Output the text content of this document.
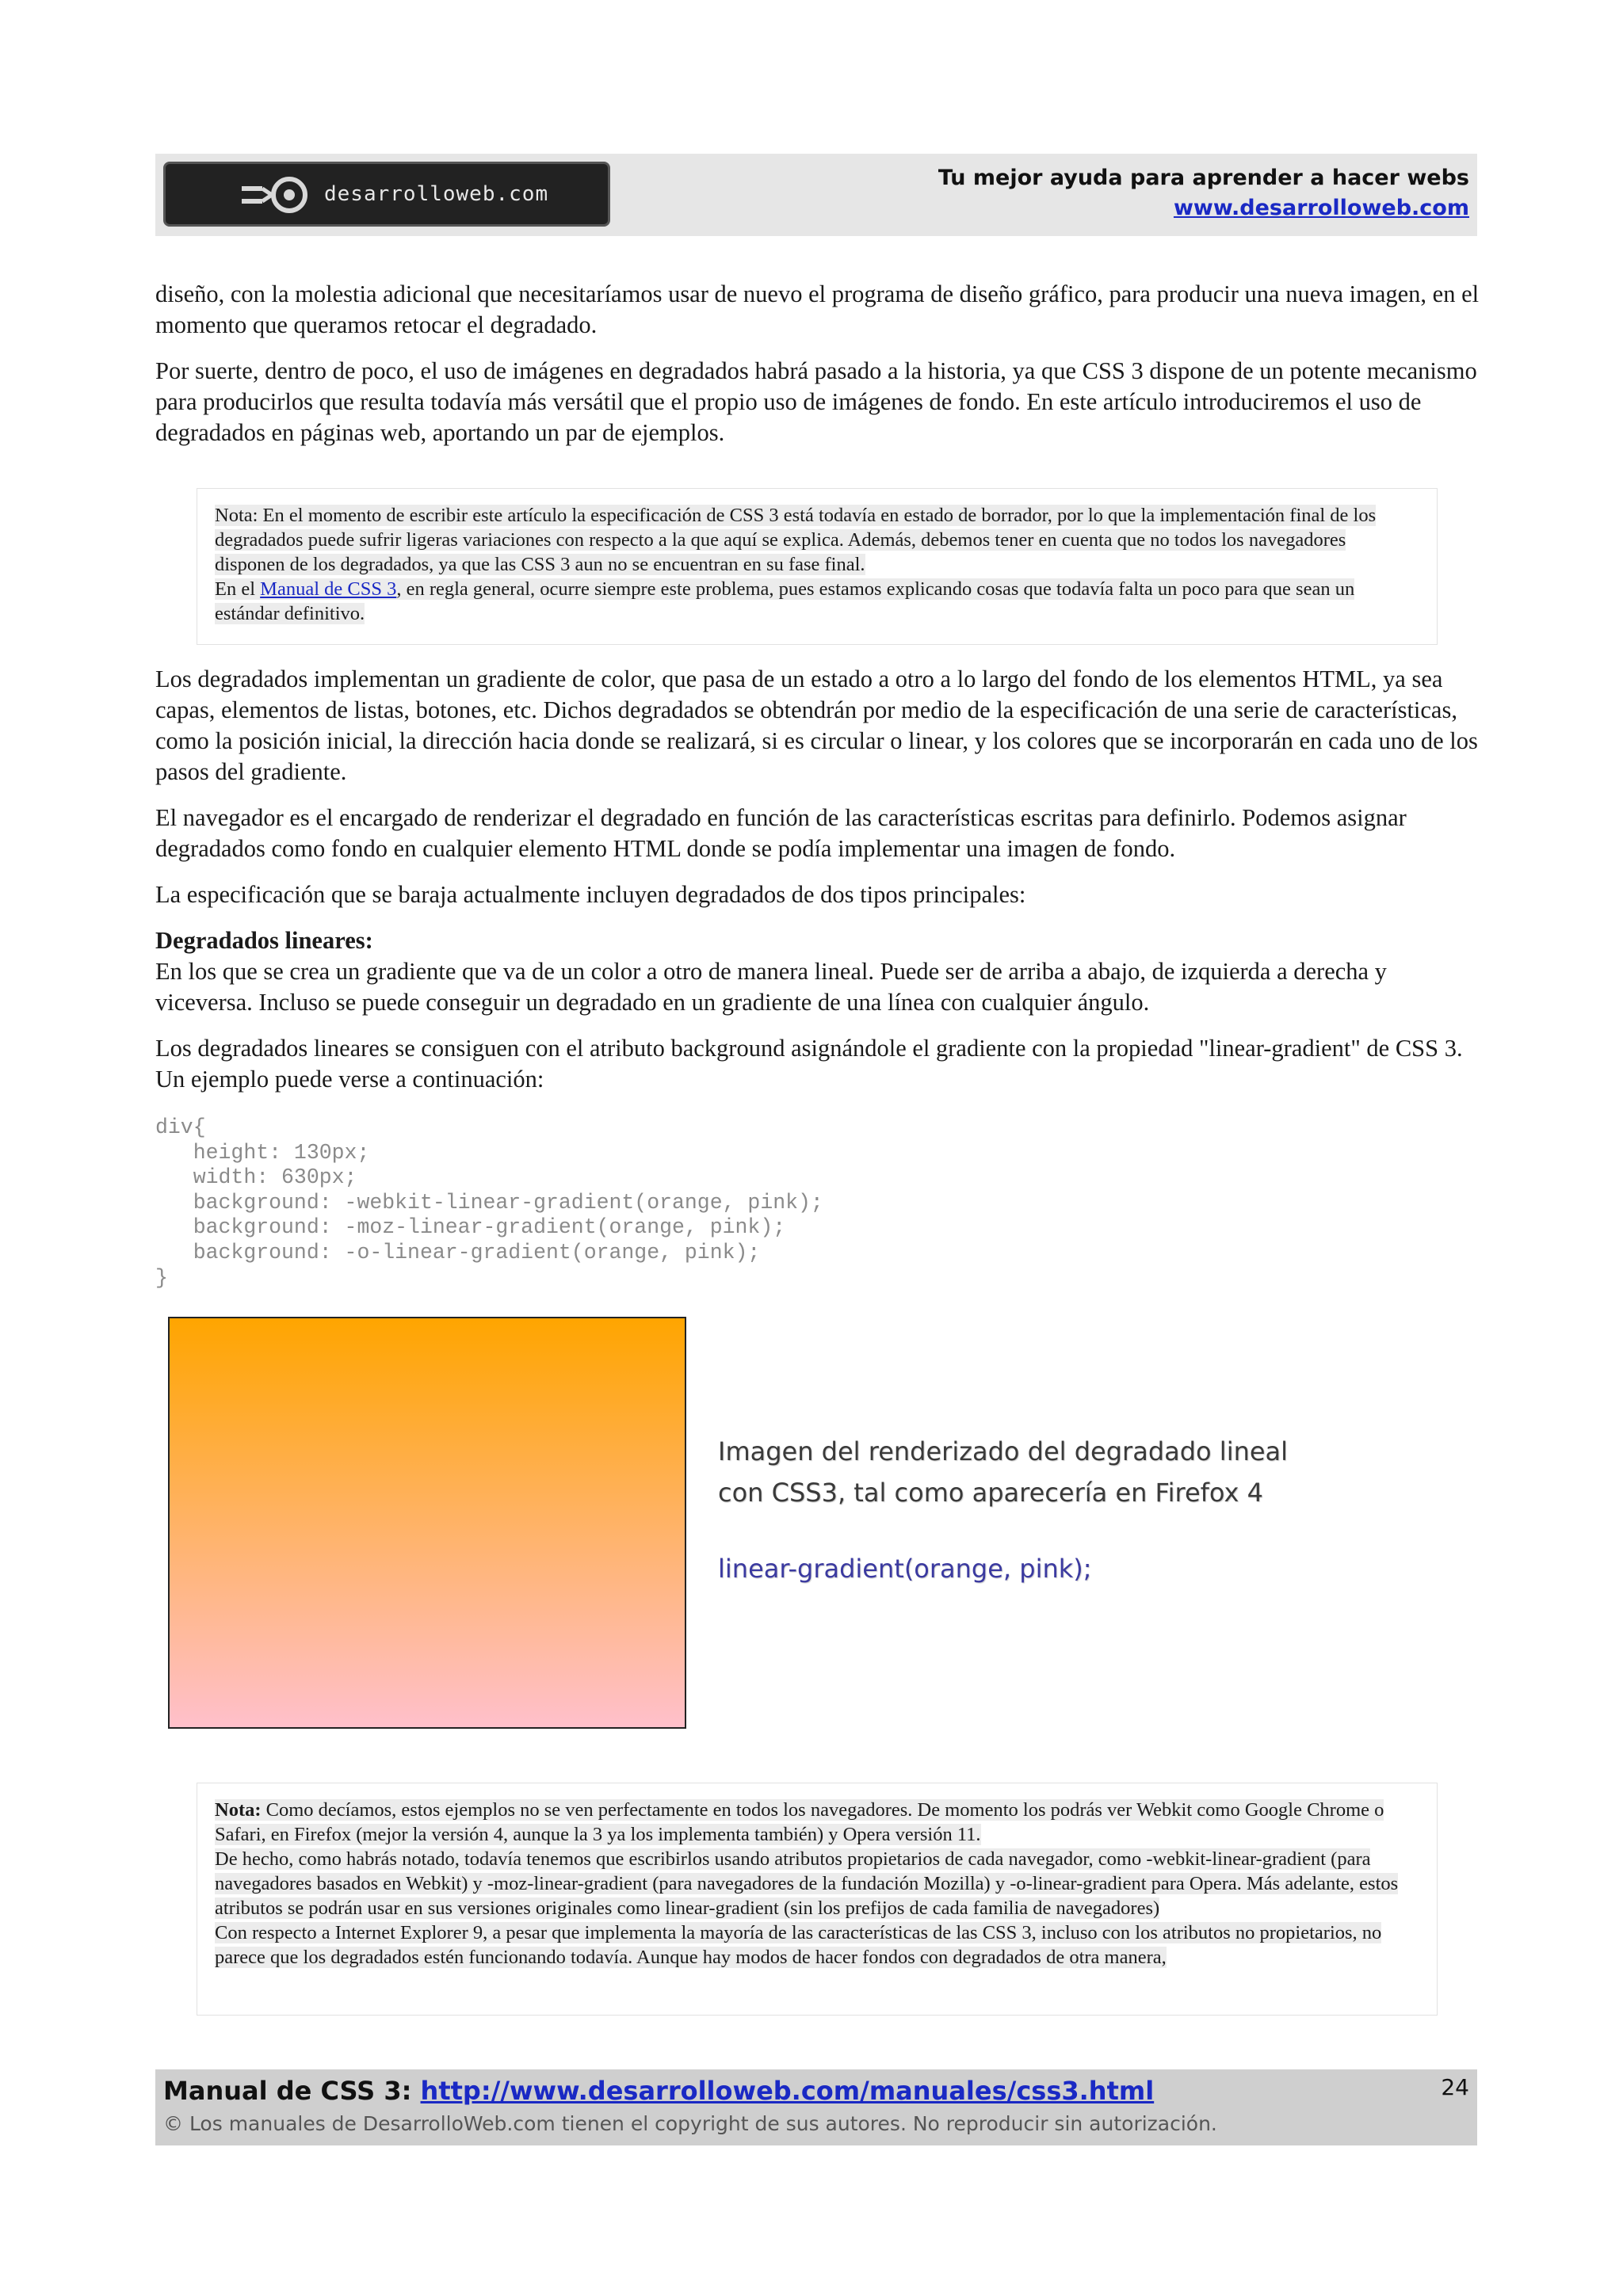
desarrolloweb.com
Tu mejor ayuda para aprender a hacer webs
www.desarrolloweb.com

diseño, con la molestia adicional que necesitaríamos usar de nuevo el programa de diseño gráfico, para producir una nueva imagen, en el momento que queramos retocar el degradado.

Por suerte, dentro de poco, el uso de imágenes en degradados habrá pasado a la historia, ya que CSS 3 dispone de un potente mecanismo para producirlos que resulta todavía más versátil que el propio uso de imágenes de fondo. En este artículo introduciremos el uso de degradados en páginas web, aportando un par de ejemplos.

Nota: En el momento de escribir este artículo la especificación de CSS 3 está todavía en estado de borrador, por lo que la implementación final de los degradados puede sufrir ligeras variaciones con respecto a la que aquí se explica. Además, debemos tener en cuenta que no todos los navegadores disponen de los degradados, ya que las CSS 3 aun no se encuentran en su fase final.
En el Manual de CSS 3, en regla general, ocurre siempre este problema, pues estamos explicando cosas que todavía falta un poco para que sean un estándar definitivo.

Los degradados implementan un gradiente de color, que pasa de un estado a otro a lo largo del fondo de los elementos HTML, ya sea capas, elementos de listas, botones, etc. Dichos degradados se obtendrán por medio de la especificación de una serie de características, como la posición inicial, la dirección hacia donde se realizará, si es circular o linear, y los colores que se incorporarán en cada uno de los pasos del gradiente.

El navegador es el encargado de renderizar el degradado en función de las características escritas para definirlo. Podemos asignar degradados como fondo en cualquier elemento HTML donde se podía implementar una imagen de fondo.

La especificación que se baraja actualmente incluyen degradados de dos tipos principales:

Degradados lineares:

En los que se crea un gradiente que va de un color a otro de manera lineal. Puede ser de arriba a abajo, de izquierda a derecha y viceversa. Incluso se puede conseguir un degradado en un gradiente de una línea con cualquier ángulo.

Los degradados lineares se consiguen con el atributo background asignándole el gradiente con la propiedad "linear-gradient" de CSS 3. Un ejemplo puede verse a continuación:

div{
height: 130px;
width: 630px;
background: -webkit-linear-gradient(orange, pink);
background: -moz-linear-gradient(orange, pink);
background: -o-linear-gradient(orange, pink);
}
Imagen del renderizado del degradado lineal
con CSS3, tal como aparecería en Firefox 4
linear-gradient(orange, pink);
Nota: Como decíamos, estos ejemplos no se ven perfectamente en todos los navegadores. De momento los podrás ver Webkit como Google Chrome o Safari, en Firefox (mejor la versión 4, aunque la 3 ya los implementa también) y Opera versión 11.
De hecho, como habrás notado, todavía tenemos que escribirlos usando atributos propietarios de cada navegador, como -webkit-linear-gradient (para navegadores basados en Webkit) y -moz-linear-gradient (para navegadores de la fundación Mozilla) y -o-linear-gradient para Opera. Más adelante, estos atributos se podrán usar en sus versiones originales como linear-gradient (sin los prefijos de cada familia de navegadores)
Con respecto a Internet Explorer 9, a pesar que implementa la mayoría de las características de las CSS 3, incluso con los atributos no propietarios, no parece que los degradados estén funcionando todavía. Aunque hay modos de hacer fondos con degradados de otra manera,
Manual de CSS 3: http://www.desarrolloweb.com/manuales/css3.html	24
© Los manuales de DesarrolloWeb.com tienen el copyright de sus autores. No reproducir sin autorización.
